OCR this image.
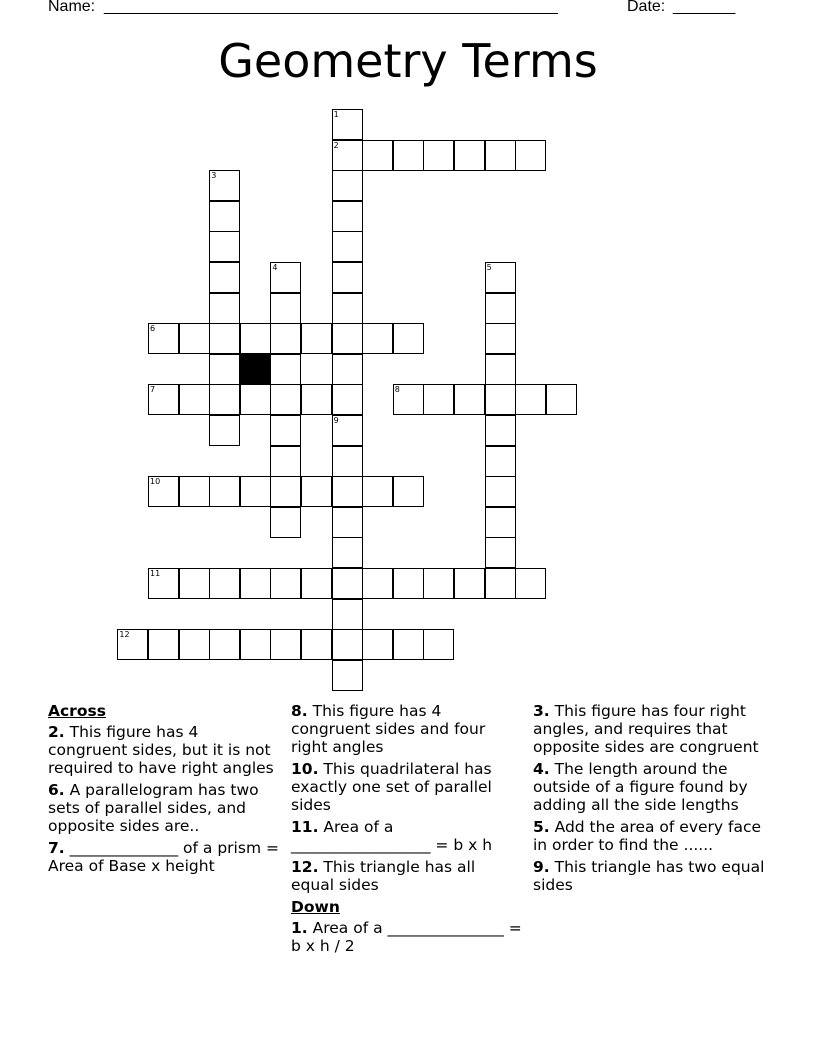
Name: ___________________________________________________	Date: _______
Geometry Terms
1
2
9
3
4	5
6
7	8
10
11
12
Across
2. This figure has 4 congruent sides, but it is not required to have right angles
6. A parallelogram has two sets of parallel sides, and opposite sides are..
7. ______________ of a prism = Area of Base x height
8. This figure has 4 congruent sides and four right angles
10. This quadrilateral has exactly one set of parallel sides
11. Area of a __________________ = b x h
12. This triangle has all equal sides
Down
1. Area of a _______________ = b x h / 2
3. This figure has four right angles, and requires that opposite sides are congruent
4. The length around the outside of a figure found by adding all the side lengths
5. Add the area of every face in order to find the ......
9. This triangle has two equal sides
